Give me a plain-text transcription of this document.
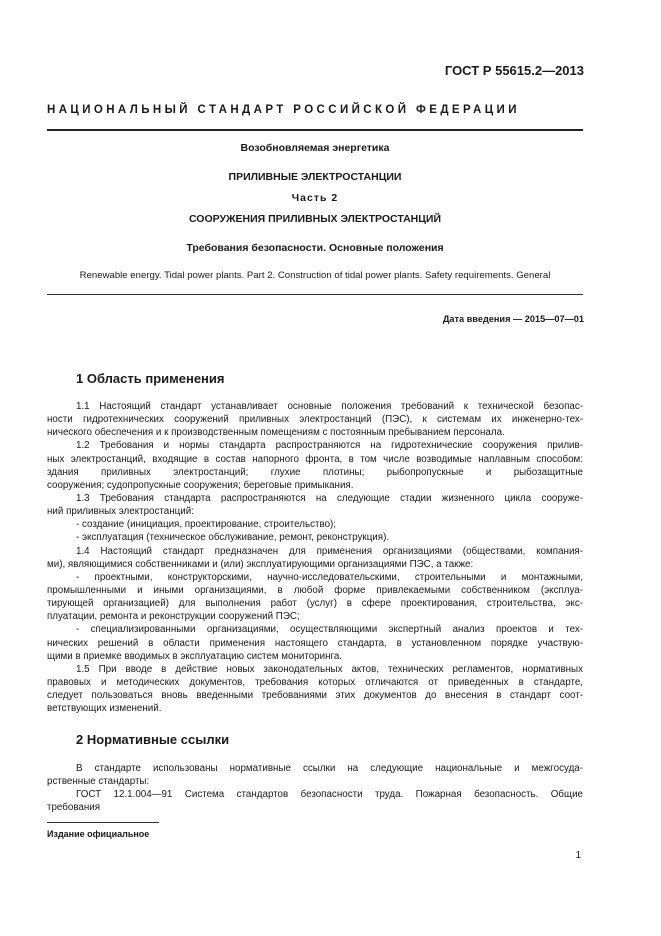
ГОСТ Р 55615.2—2013
НАЦИОНАЛЬНЫЙ СТАНДАРТ РОССИЙСКОЙ ФЕДЕРАЦИИ
Возобновляемая энергетика
ПРИЛИВНЫЕ ЭЛЕКТРОСТАНЦИИ
Часть 2
СООРУЖЕНИЯ ПРИЛИВНЫХ ЭЛЕКТРОСТАНЦИЙ
Требования безопасности. Основные положения
Renewable energy. Tidal power plants. Part 2. Construction of tidal power plants. Safety requirements. General
Дата введения — 2015—07—01
1 Область применения
1.1 Настоящий стандарт устанавливает основные положения требований к технической безопас-
ности гидротехнических сооружений приливных электростанций (ПЭС), к системам их инженерно-тех-
нического обеспечения и к производственным помещениям с постоянным пребыванием персонала.
1.2 Требования и нормы стандарта распространяются на гидротехнические сооружения прилив-
ных электростанций, входящие в состав напорного фронта, в том числе возводимые наплавным способом:
здания приливных электростанций; глухие плотины; рыбопропускные и рыбозащитные
сооружения; судопропускные сооружения; береговые примыкания.
1.3 Требования стандарта распространяются на следующие стадии жизненного цикла сооруже-
ний приливных электростанций:
- создание (инициация, проектирование, строительство);
- эксплуатация (техническое обслуживание, ремонт, реконструкция).
1.4 Настоящий стандарт предназначен для применения организациями (обществами, компания-
ми), являющимися собственниками и (или) эксплуатирующими организациями ПЭС, а также:
- проектными, конструкторскими, научно-исследовательскими, строительными и монтажными,
промышленными и иными организациями, в любой форме привлекаемыми собственником (эксплуа-
тирующей организацией) для выполнения работ (услуг) в сфере проектирования, строительства, экс-
плуатации, ремонта и реконструкции сооружений ПЭС;
- специализированными организациями, осуществляющими экспертный анализ проектов и тех-
нических решений в области применения настоящего стандарта, в установленном порядке участвую-
щими в приемке вводимых в эксплуатацию систем мониторинга.
1.5 При вводе в действие новых законодательных актов, технических регламентов, нормативных
правовых и методических документов, требования которых отличаются от приведенных в стандарте,
следует пользоваться вновь введенными требованиями этих документов до внесения в стандарт соот-
ветствующих изменений.
2 Нормативные ссылки
В стандарте использованы нормативные ссылки на следующие национальные и межгосуда-
рственные стандарты:
ГОСТ 12.1.004—91 Система стандартов безопасности труда. Пожарная безопасность. Общие
требования
Издание официальное
1
